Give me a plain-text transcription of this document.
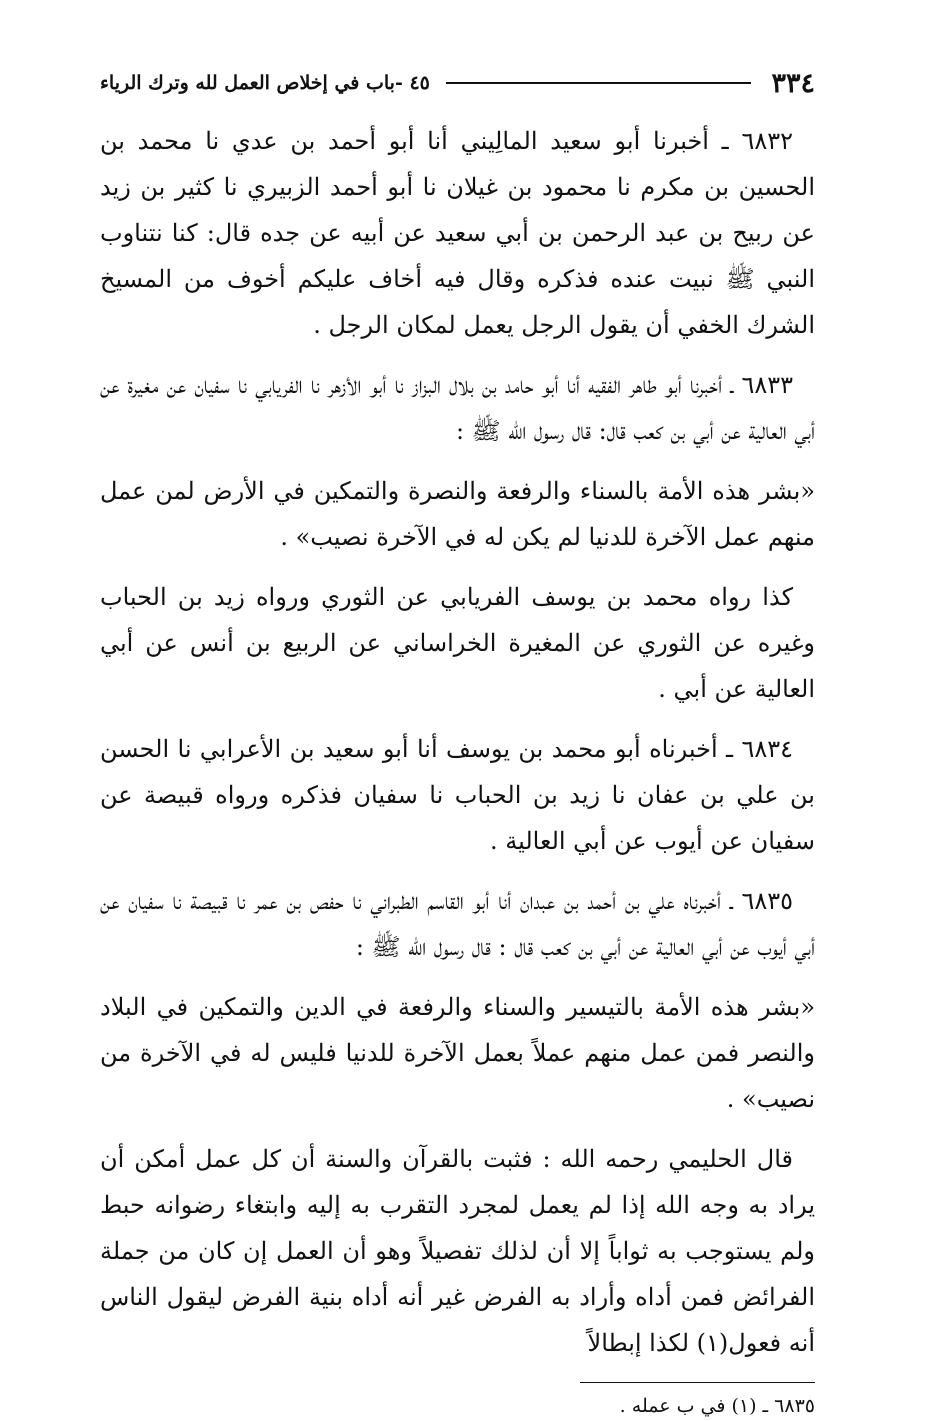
٣٣٤
٤٥ -باب في إخلاص العمل لله وترك الرياء

٦٨٣٢ ـ أخبرنا أبو سعيد المالِيني أنا أبو أحمد بن عدي نا محمد بن الحسين بن مكرم نا محمود بن غيلان نا أبو أحمد الزبيري نا كثير بن زيد عن ربيح بن عبد الرحمن بن أبي سعيد عن أبيه عن جده قال: كنا نتناوب النبي ﷺ نبيت عنده فذكره وقال فيه أخاف عليكم أخوف من المسيخ الشرك الخفي أن يقول الرجل يعمل لمكان الرجل .

٦٨٣٣ ـ أخبرنا أبو طاهر الفقيه أنا أبو حامد بن بلال البزاز نا أبو الأزهر نا الفريابي نا سفيان عن مغيرة عن أبي العالية عن أبي بن كعب قال: قال رسول الله ﷺ :

«بشر هذه الأمة بالسناء والرفعة والنصرة والتمكين في الأرض لمن عمل منهم عمل الآخرة للدنيا لم يكن له في الآخرة نصيب» .

كذا رواه محمد بن يوسف الفريابي عن الثوري ورواه زيد بن الحباب وغيره عن الثوري عن المغيرة الخراساني عن الربيع بن أنس عن أبي العالية عن أبي .

٦٨٣٤ ـ أخبرناه أبو محمد بن يوسف أنا أبو سعيد بن الأعرابي نا الحسن بن علي بن عفان نا زيد بن الحباب نا سفيان فذكره ورواه قبيصة عن سفيان عن أيوب عن أبي العالية .

٦٨٣٥ ـ أخبرناه علي بن أحمد بن عبدان أنا أبو القاسم الطبراني نا حفص بن عمر نا قبيصة نا سفيان عن أبي أيوب عن أبي العالية عن أبي بن كعب قال : قال رسول الله ﷺ :

«بشر هذه الأمة بالتيسير والسناء والرفعة في الدين والتمكين في البلاد والنصر فمن عمل منهم عملاً بعمل الآخرة للدنيا فليس له في الآخرة من نصيب» .

قال الحليمي رحمه الله : فثبت بالقرآن والسنة أن كل عمل أمكن أن يراد به وجه الله إذا لم يعمل لمجرد التقرب به إليه وابتغاء رضوانه حبط ولم يستوجب به ثواباً إلا أن لذلك تفصيلاً وهو أن العمل إن كان من جملة الفرائض فمن أداه وأراد به الفرض غير أنه أداه بنية الفرض ليقول الناس أنه فعول(١) لكذا إبطالاً

٦٨٣٥ ـ (١) في ب عمله .
